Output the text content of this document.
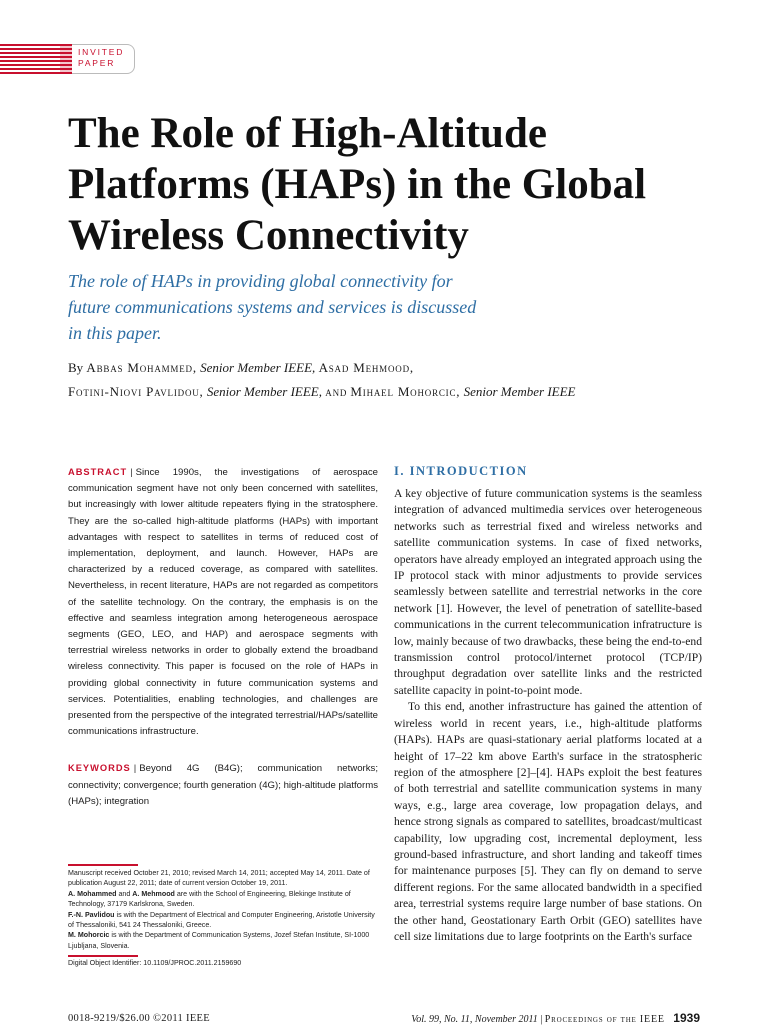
INVITED
PAPER
The Role of High-Altitude Platforms (HAPs) in the Global Wireless Connectivity

The role of HAPs in providing global connectivity for future communications systems and services is discussed in this paper.

By Abbas Mohammed, Senior Member IEEE, Asad Mehmood,
Fotini-Niovi Pavlidou, Senior Member IEEE, and Mihael Mohorcic, Senior Member IEEE
ABSTRACT | Since 1990s, the investigations of aerospace communication segment have not only been concerned with satellites, but increasingly with lower altitude repeaters flying in the stratosphere. They are the so-called high-altitude platforms (HAPs) with important advantages with respect to satellites in terms of reduced cost of implementation, deployment, and launch. However, HAPs are characterized by a reduced coverage, as compared with satellites. Nevertheless, in recent literature, HAPs are not regarded as competitors of the satellite technology. On the contrary, the emphasis is on the effective and seamless integration among heterogeneous aerospace segments (GEO, LEO, and HAP) and aerospace segments with terrestrial wireless networks in order to globally extend the broadband wireless connectivity. This paper is focused on the role of HAPs in providing global connectivity in future communication systems and services. Potentialities, enabling technologies, and challenges are presented from the perspective of the integrated terrestrial/HAPs/satellite communications infrastructure.
KEYWORDS | Beyond 4G (B4G); communication networks; connectivity; convergence; fourth generation (4G); high-altitude platforms (HAPs); integration
Manuscript received October 21, 2010; revised March 14, 2011; accepted May 14, 2011. Date of publication August 22, 2011; date of current version October 19, 2011.
A. Mohammed and A. Mehmood are with the School of Engineering, Blekinge Institute of Technology, 37179 Karlskrona, Sweden.
F.-N. Pavlidou is with the Department of Electrical and Computer Engineering, Aristotle University of Thessaloniki, 541 24 Thessaloniki, Greece.
M. Mohorcic is with the Department of Communication Systems, Jozef Stefan Institute, SI-1000 Ljubljana, Slovenia.
Digital Object Identifier: 10.1109/JPROC.2011.2159690
I. INTRODUCTION

A key objective of future communication systems is the seamless integration of advanced multimedia services over heterogeneous networks such as terrestrial fixed and wireless networks and satellite communication systems. In case of fixed networks, operators have already employed an integrated approach using the IP protocol stack with minor adjustments to provide services seamlessly between satellite and terrestrial networks in the core network [1]. However, the level of penetration of satellite-based communications in the current telecommunication infratructure is low, mainly because of two drawbacks, these being the end-to-end transmission control protocol/internet protocol (TCP/IP) throughput degradation over satellite links and the restricted satellite capacity in point-to-point mode.

To this end, another infrastructure has gained the attention of wireless world in recent years, i.e., high-altitude platforms (HAPs). HAPs are quasi-stationary aerial platforms located at a height of 17–22 km above Earth's surface in the stratospheric region of the atmosphere [2]–[4]. HAPs exploit the best features of both terrestrial and satellite communication systems in many ways, e.g., large area coverage, low propagation delays, and hence strong signals as compared to satellites, broadcast/multicast capability, low upgrading cost, incremental deployment, less ground-based infrastructure, and short landing and takeoff times for maintenance purposes [5]. They can fly on demand to serve different regions. For the same allocated bandwidth in a specified area, terrestrial systems require large number of base stations. On the other hand, Geostationary Earth Orbit (GEO) satellites have cell size limitations due to large footprints on the Earth's surface

0018-9219/$26.00 ©2011 IEEE	Vol. 99, No. 11, November 2011 | Proceedings of the IEEE 1939
